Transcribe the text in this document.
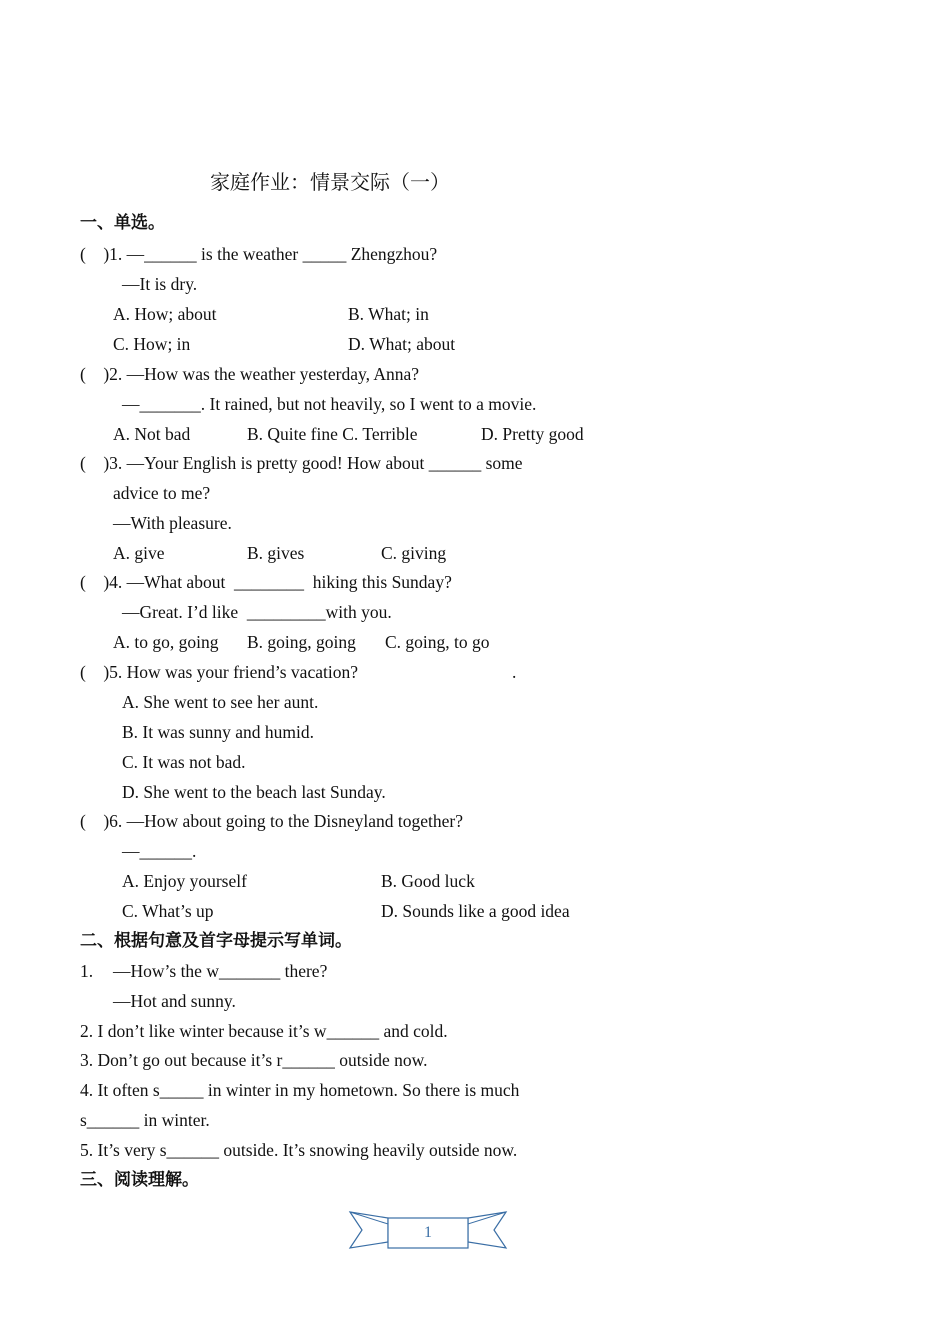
家庭作业：情景交际（一）
一、单选。
(    )1. —______ is the weather _____ Zhengzhou?
—It is dry.
A. How; about	B. What; in
C. How; in	D. What; about
(    )2. —How was the weather yesterday, Anna?
—_______. It rained, but not heavily, so I went to a movie.
A. Not bad	B. Quite fine C. Terrible	D. Pretty good
(    )3. —Your English is pretty good! How about ______ some
advice to me?
—With pleasure.
A. give	B. gives	C. giving
(    )4. —What about  ________  hiking this Sunday?
—Great. I’d like  _________with you.
A. to go, going B. going, going C. going, to go
(    )5. How was your friend’s vacation?	.
A. She went to see her aunt.
B. It was sunny and humid.
C. It was not bad.
D. She went to the beach last Sunday.
(    )6. —How about going to the Disneyland together?
—______.
A. Enjoy yourself	B. Good luck
C. What’s up	D. Sounds like a good idea
二、根据句意及首字母提示写单词。
1. —How’s the w_______ there?
—Hot and sunny.
2. I don’t like winter because it’s w______ and cold.
3. Don’t go out because it’s r______ outside now.
4. It often s_____ in winter in my hometown. So there is much
s______ in winter.
5. It’s very s______ outside. It’s snowing heavily outside now.
三、阅读理解。
1
